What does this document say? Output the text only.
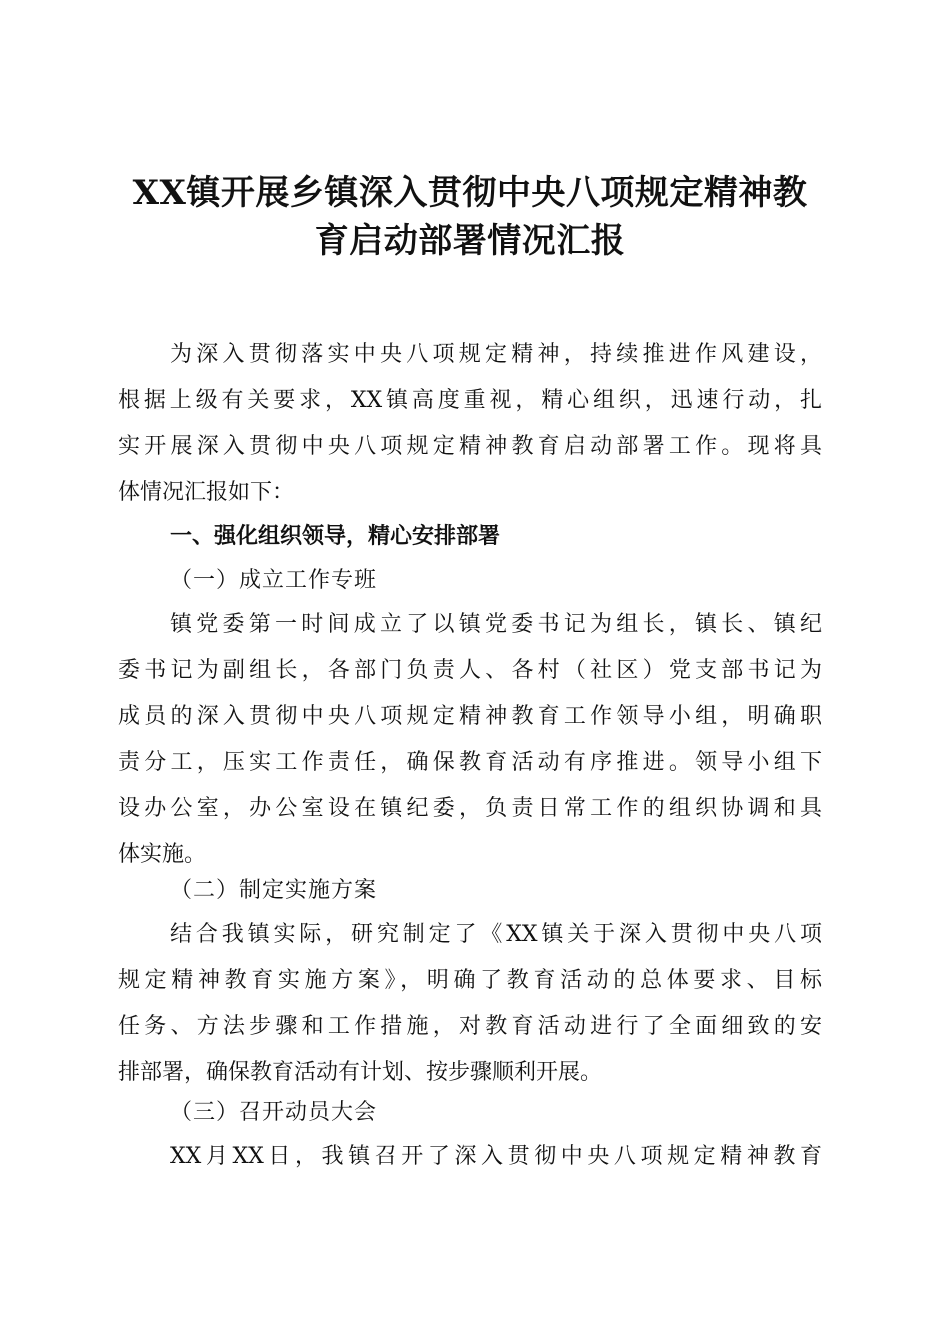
XX镇开展乡镇深入贯彻中央八项规定精神教
育启动部署情况汇报

为深入贯彻落实中央八项规定精神，持续推进作风建设，

根据上级有关要求，XX镇高度重视，精心组织，迅速行动，扎

实开展深入贯彻中央八项规定精神教育启动部署工作。现将具

体情况汇报如下：

一、强化组织领导，精心安排部署

（一）成立工作专班

镇党委第一时间成立了以镇党委书记为组长，镇长、镇纪

委书记为副组长，各部门负责人、各村（社区）党支部书记为

成员的深入贯彻中央八项规定精神教育工作领导小组，明确职

责分工，压实工作责任，确保教育活动有序推进。领导小组下

设办公室，办公室设在镇纪委，负责日常工作的组织协调和具

体实施。

（二）制定实施方案

结合我镇实际，研究制定了《XX镇关于深入贯彻中央八项

规定精神教育实施方案》，明确了教育活动的总体要求、目标

任务、方法步骤和工作措施，对教育活动进行了全面细致的安

排部署，确保教育活动有计划、按步骤顺利开展。

（三）召开动员大会

XX月XX日，我镇召开了深入贯彻中央八项规定精神教育
